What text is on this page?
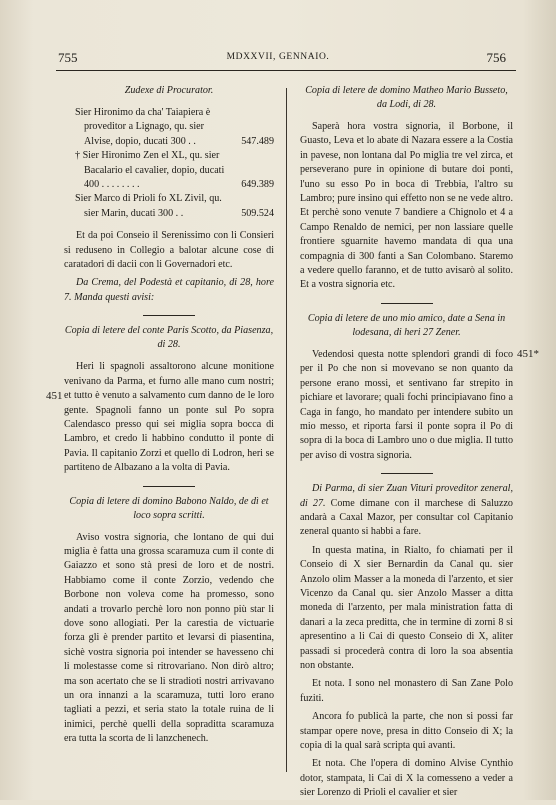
755	MDXXVII, GENNAIO.	756
451
451*
Zudexe di Procurator.
Sier Hironimo da cha' Taiapiera è proveditor a Lignago, qu. sier Alvise, dopio, ducati 300 . .	547.489
† Sier Hironimo Zen el XL, qu. sier Bacalario el cavalier, dopio, ducati 400 . . . . . . . .	649.389
Sier Marco di Prioli fo XL Zivil, qu. sier Marin, ducati 300 . .	509.524

Et da poi Conseio il Serenissimo con li Consieri si reduseno in Collegio a balotar alcune cose di caratadori di dacii con li Governadori etc.

Da Crema, del Podestà et capitanio, di 28, hore 7. Manda questi avisi:

Copia di letere del conte Paris Scotto, da Piasenza, di 28.

Heri li spagnoli assaltorono alcune monitione venivano da Parma, et furno alle mano cum nostri; et tutto è venuto a salvamento cum danno de le loro gente. Spagnoli fanno un ponte sul Po sopra Calendasco presso qui sei miglia sopra bocca di Lambro, et credo li habbino condutto il ponte di Pavia. Il capitanio Zorzi et quello di Lodron, heri se partiteno de Albazano a la volta di Pavia.

Copia di letere di domino Babono Naldo, de dì et loco sopra scritti.

Aviso vostra signoria, che lontano de qui dui miglia è fatta una grossa scaramuza cum il conte di Gaiazzo et sono stà presi de loro et de nostri. Habbiamo come il conte Zorzio, vedendo che Borbone non voleva come ha promesso, sono andati a trovarlo perchè loro non ponno più star li dove sono allogiati. Per la carestia de victuarie forza gli è prender partito et levarsi di piasentina, sichè vostra signoria poi intender se havesseno chi li molestasse come si ritrovariano. Non dirò altro; ma son acertato che se li stradioti nostri arrivavano un ora innanzi a la scaramuza, tutti loro erano tagliati a pezzi, et seria stato la totale ruina de li inimici, perchè quelli della sopraditta scaramuza era tutta la scorta de li lanzchenech.

Copia di letere de domino Matheo Mario Busseto, da Lodi, di 28.

Saperà hora vostra signoria, il Borbone, il Guasto, Leva et lo abate di Nazara essere a la Costia in pavese, non lontana dal Po miglia tre vel zirca, et perseverano pure in opinione di butare doi ponti, l'uno su esso Po in boca di Trebbia, l'altro su Lambro; pure insino qui effetto non se ne vede altro. Et perchè sono venute 7 bandiere a Chignolo et 4 a Campo Renaldo de nemici, per non lassiare quelle frontiere sguarnite havemo mandata di qua una compagnia di 300 fanti a San Colombano. Staremo a vedere quello faranno, et de tutto avisarò al solito. Et a vostra signoria etc.

Copia di letere de uno mio amico, date a Sena in lodesana, di heri 27 Zener.

Vedendosi questa notte splendori grandi di foco per il Po che non si movevano se non quanto da persone erano mossi, et sentivano far strepito in pichiare et lavorare; quali fochi principiavano fino a Caga in fango, ho mandato per intendere subito un mio messo, et riporta farsi il ponte sopra il Po di sopra di la boca di Lambro uno o due miglia. Il tutto per aviso di vostra signoria.

Di Parma, di sier Zuan Vituri proveditor zeneral, di 27. Come dimane con il marchese di Saluzzo andarà a Caxal Mazor, per consultar col Capitanio zeneral quanto si habbi a fare.

In questa matina, in Rialto, fo chiamati per il Conseio di X sier Bernardin da Canal qu. sier Anzolo olim Masser a la moneda di l'arzento, et sier Vicenzo da Canal qu. sier Anzolo Masser a ditta moneda di l'arzento, per mala ministration fatta di danari a la zeca preditta, che in termine di zorni 8 si apresentino a li Cai di questo Conseio di X, aliter passadi si procederà contra di loro la soa absentia non obstante.

Et nota. I sono nel monastero di San Zane Polo fuziti.

Ancora fo publicà la parte, che non si possi far stampar opere nove, presa in ditto Conseio di X; la copia di la qual sarà scripta qui avanti.

Et nota. Che l'opera di domino Alvise Cynthio dotor, stampata, li Cai di X la comesseno a veder a sier Lorenzo di Prioli el cavalier et sier
